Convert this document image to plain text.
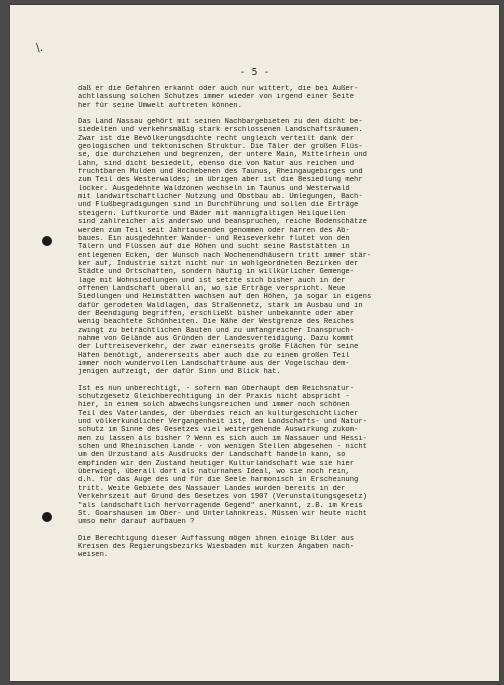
\.
- 5 -
daß er die Gefahren erkannt oder auch nur wittert, die bei Außer-
achtlassung solchen Schutzes immer wieder von irgend einer Seite
her für seine Umwelt auftreten können.
Das Land Nassau gehört mit seinen Nachbargebieten zu den dicht be-
siedelten und verkehrsmäßig stark erschlossenen Landschaftsräumen.
Zwar ist die Bevölkerungsdichte recht ungleich verteilt dank der
geologischen und tektonischen Struktur. Die Täler der großen Flüs-
se, die durchziehen und begrenzen, der untere Main, Mittelrhein und
Lahn, sind dicht besiedelt, ebenso die von Natur aus reichen und
fruchtbaren Mulden und Hochebenen des Taunus, Rheingaugebirges und
zum Teil des Westerwaldes; im übrigen aber ist die Besiedlung mehr
locker. Ausgedehnte Waldzonen wechseln im Taunus und Westerwald
mit landwirtschaftlicher Nutzung und Obstbau ab. Umlegungen, Bach-
und Flußbegradigungen sind in Durchführung und sollen die Erträge
steigern. Luftkurorte und Bäder mit mannigfaltigen Heilquellen
sind zahlreicher als anderswo und beanspruchen, reiche Bodenschätze
werden zum Teil seit Jahrtausenden genommen oder harren des Ab-
baues. Ein ausgedehnter Wander- und Reiseverkehr flutet von den
Tälern und Flüssen auf die Höhen und sucht seine Raststätten in
entlegenen Ecken, der Wunsch nach Wochenendhäusern tritt immer stär-
ker auf, Industrie sitzt nicht nur in wohlgeordneten Bezirken der
Städte und Ortschaften, sondern häufig in willkürlicher Gemenge-
lage mit Wohnsiedlungen und ist setzte sich bisher auch in der
offenen Landschaft überall an, wo sie Erträge verspricht. Neue
Siedlungen und Heimstätten wachsen auf den Höhen, ja sogar in eigens
dafür gerodeten Waldlagen, das Straßennetz, stark im Ausbau und in
der Beendigung begriffen, erschließt bisher unbekannte oder aber
wenig beachtete Schönheiten. Die Nähe der Westgrenze des Reiches
zwingt zu beträchtlichen Bauten und zu umfangreicher Inanspruch-
nahme von Gelände aus Gründen der Landesverteidigung. Dazu kommt
der Luftreiseverkehr, der zwar einerseits große Flächen für seine
Häfen benötigt, andererseits aber auch die zu einem großen Teil
immer noch wundervollen Landschafträume aus der Vogelschau dem-
jenigen aufzeigt, der dafür Sinn und Blick hat.
Ist es nun unberechtigt, - sofern man überhaupt dem Reichsnatur-
schutzgesetz Gleichberechtigung in der Praxis nicht abspricht -
hier, in einem solch abwechslungsreichen und immer noch schönen
Teil des Vaterlandes, der überdies reich an kulturgeschichtlicher
und völkerkundlicher Vergangenheit ist, dem Landschafts- und Natur-
schutz im Sinne des Gesetzes viel weitergehende Auswirkung zukom-
men zu lassen als bisher ? Wenn es sich auch im Nassauer und Hessi-
schen und Rheinischen Lande - von wenigen Stellen abgesehen - nicht
um den Urzustand als Ausdrucks der Landschaft handeln kann, so
empfinden wir den Zustand heutiger Kulturlandschaft wie sie hier
überwiegt, überall dort als naturnahes Ideal, wo sie noch rein,
d.h. für das Auge des und für die Seele harmonisch in Erscheinung
tritt. Weite Gebiete des Nassauer Landes wurden bereits in der
Verkehrszeit auf Grund des Gesetzes von 1907 (Verunstaltungsgesetz)
"als landschaftlich hervorragende Gegend" anerkannt, z.B. im Kreis
St. Goarshausen im Ober- und Unterlahnkreis. Müssen wir heute nicht
umso mehr darauf aufbauen ?
Die Berechtigung dieser Auffassung mögen ihnen einige Bilder aus
Kreisen des Regierungsbezirks Wiesbaden mit kurzen Angaben nach-
weisen.
